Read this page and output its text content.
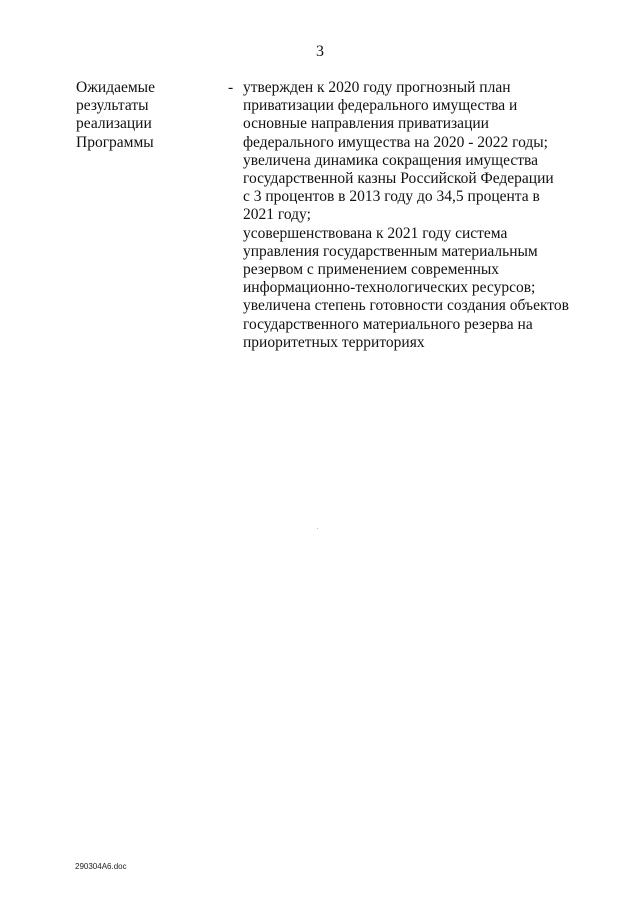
3
Ожидаемые
результаты
реализации
Программы
- утвержден к 2020 году прогнозный план
приватизации федерального имущества и
основные направления приватизации
федерального имущества на 2020 - 2022 годы;
увеличена динамика сокращения имущества
государственной казны Российской Федерации
с 3 процентов в 2013 году до 34,5 процента в
2021 году;
усовершенствована к 2021 году система
управления государственным материальным
резервом с применением современных
информационно-технологических ресурсов;
увеличена степень готовности создания объектов
государственного материального резерва на
приоритетных территориях
290304A6.doc
